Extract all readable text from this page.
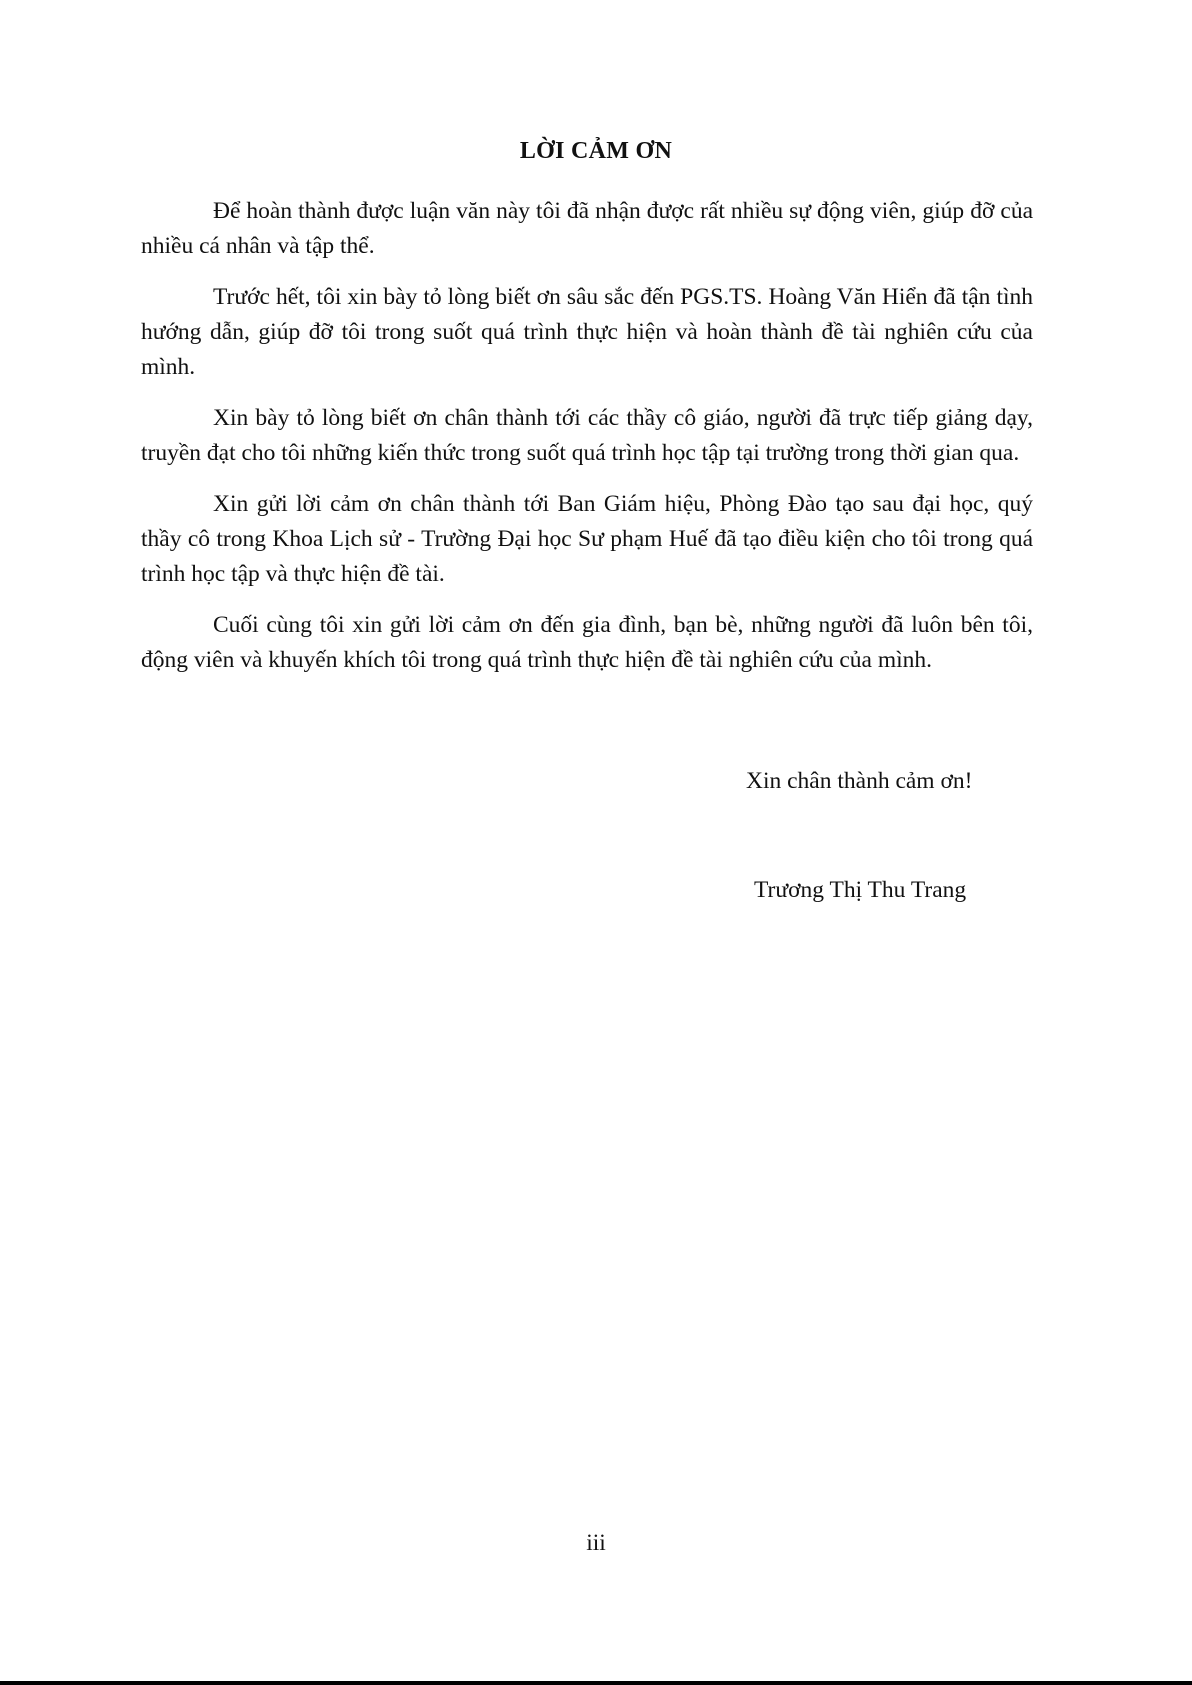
LỜI CẢM ƠN

Để hoàn thành được luận văn này tôi đã nhận được rất nhiều sự động viên, giúp đỡ của nhiều cá nhân và tập thể.

Trước hết, tôi xin bày tỏ lòng biết ơn sâu sắc đến PGS.TS. Hoàng Văn Hiển đã tận tình hướng dẫn, giúp đỡ tôi trong suốt quá trình thực hiện và hoàn thành đề tài nghiên cứu của mình.

Xin bày tỏ lòng biết ơn chân thành tới các thầy cô giáo, người đã trực tiếp giảng dạy, truyền đạt cho tôi những kiến thức trong suốt quá trình học tập tại trường trong thời gian qua.

Xin gửi lời cảm ơn chân thành tới Ban Giám hiệu, Phòng Đào tạo sau đại học, quý thầy cô trong Khoa Lịch sử - Trường Đại học Sư phạm Huế đã tạo điều kiện cho tôi trong quá trình học tập và thực hiện đề tài.

Cuối cùng tôi xin gửi lời cảm ơn đến gia đình, bạn bè, những người đã luôn bên tôi, động viên và khuyến khích tôi trong quá trình thực hiện đề tài nghiên cứu của mình.

Xin chân thành cảm ơn!
Trương Thị Thu Trang
iii
